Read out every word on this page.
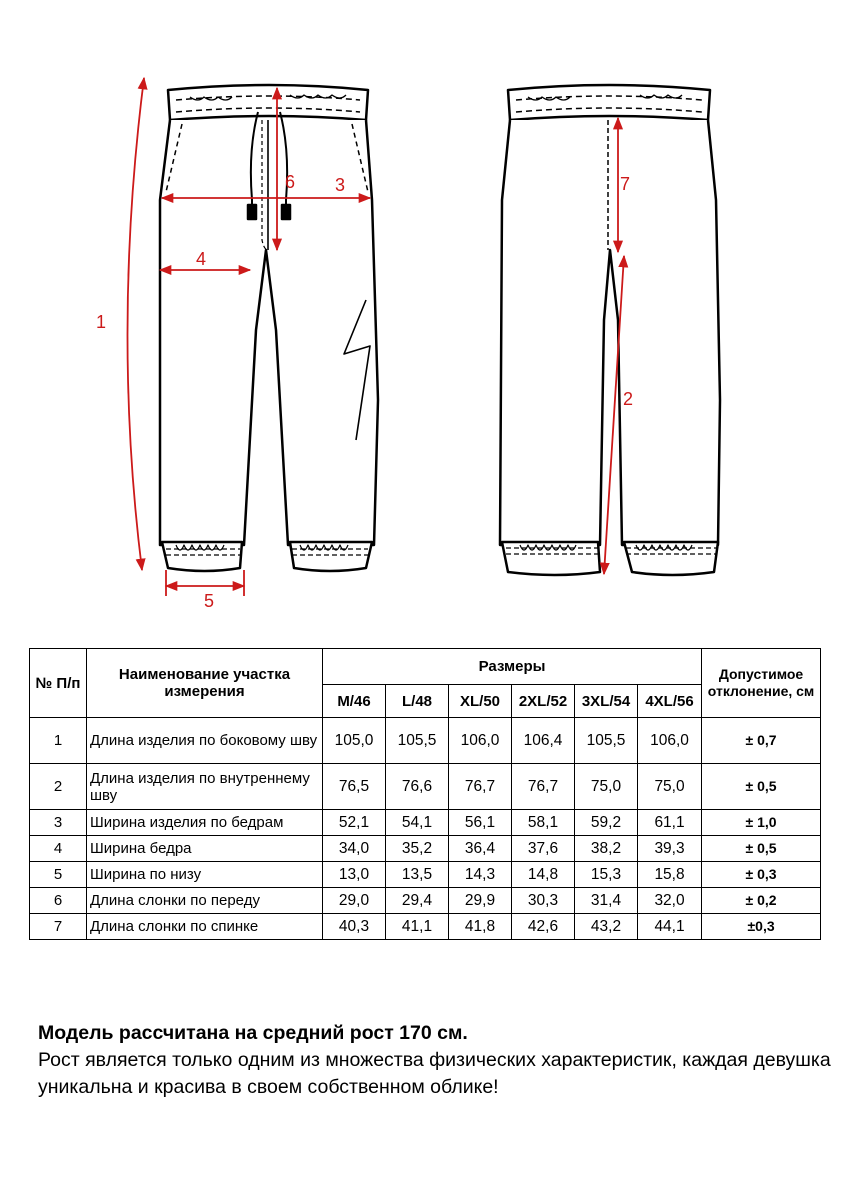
1
3
4
5
6
2
7
№ П/п	Наименование участка измерения	Размеры						Допустимое отклонение, см
		M/46	L/48	XL/50	2XL/52	3XL/54	4XL/56	
1	Длина изделия по боковому шву	105,0	105,5	106,0	106,4	105,5	106,0	± 0,7
2	Длина изделия по внутреннему шву	76,5	76,6	76,7	76,7	75,0	75,0	± 0,5
3	Ширина изделия по бедрам	52,1	54,1	56,1	58,1	59,2	61,1	± 1,0
4	Ширина бедра	34,0	35,2	36,4	37,6	38,2	39,3	± 0,5
5	Ширина по низу	13,0	13,5	14,3	14,8	15,3	15,8	± 0,3
6	Длина слонки по переду	29,0	29,4	29,9	30,3	31,4	32,0	± 0,2
7	Длина слонки по спинке	40,3	41,1	41,8	42,6	43,2	44,1	±0,3
Модель рассчитана на средний рост 170 см.
Рост является только одним из множества физических характеристик, каждая девушка уникальна и красива в своем собственном облике!
